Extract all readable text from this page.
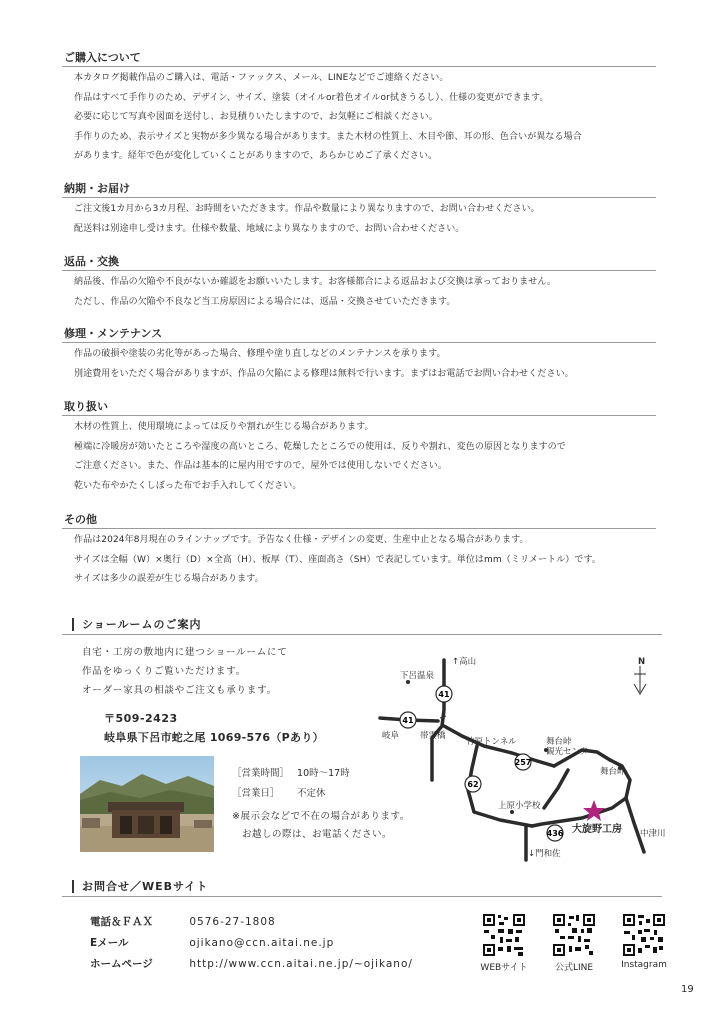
ご購入について
本カタログ掲載作品のご購入は、電話・ファックス、メール、LINEなどでご連絡ください。
作品はすべて手作りのため、デザイン、サイズ、塗装（オイルor着色オイルor拭きうるし）、仕様の変更ができます。
必要に応じて写真や図面を送付し、お見積りいたしますので、お気軽にご相談ください。
手作りのため、表示サイズと実物が多少異なる場合があります。また木材の性質上、木目や節、耳の形、色合いが異なる場合
があります。経年で色が変化していくことがありますので、あらかじめご了承ください。
納期・お届け
ご注文後1カ月から3カ月程、お時間をいただきます。作品や数量により異なりますので、お問い合わせください。
配送料は別途申し受けます。仕様や数量、地域により異なりますので、お問い合わせください。
返品・交換
納品後、作品の欠陥や不良がないか確認をお願いいたします。お客様都合による返品および交換は承っておりません。
ただし、作品の欠陥や不良など当工房原因による場合には、返品・交換させていただきます。
修理・メンテナンス
作品の破損や塗装の劣化等があった場合、修理や塗り直しなどのメンテナンスを承ります。
別途費用をいただく場合がありますが、作品の欠陥による修理は無料で行います。まずはお電話でお問い合わせください。
取り扱い
木材の性質上、使用環境によっては反りや割れが生じる場合があります。
極端に冷暖房が効いたところや湿度の高いところ、乾燥したところでの使用は、反りや割れ、変色の原因となりますので
ご注意ください。また、作品は基本的に屋内用ですので、屋外では使用しないでください。
乾いた布やかたくしぼった布でお手入れしてください。
その他
作品は2024年8月現在のラインナップです。予告なく仕様・デザインの変更、生産中止となる場合があります。
サイズは全幅（W）×奥行（D）×全高（H）、板厚（T）、座面高さ（SH）で表記しています。単位はmm（ミリメートル）です。
サイズは多少の誤差が生じる場合があります。
ショールームのご案内
自宅・工房の敷地内に建つショールームにて
作品をゆっくりご覧いただけます。
オーダー家具の相談やご注文も承ります。
〒509-2423
岐阜県下呂市蛇之尾 1069-576（Pあり）
［営業時間］ 10時〜17時
［営業日］ 不定休
※展示会などで不在の場合があります。
　お越しの際は、お電話ください。
41
41
257
62
436
N
↑高山
下呂温泉
岐阜 帯雲橋
竹原トンネル	舞台峠
観光センター
舞台峠
上原小学校
大旋野工房 中津川
↓門和佐
お問合せ／WEBサイト
電話＆ＦＡＸ	0576-27-1808
Eメール	ojikano@ccn.aitai.ne.jp
ホームページ	http://www.ccn.aitai.ne.jp/~ojikano/	WEBサイト	公式LINE	Instagram
19
